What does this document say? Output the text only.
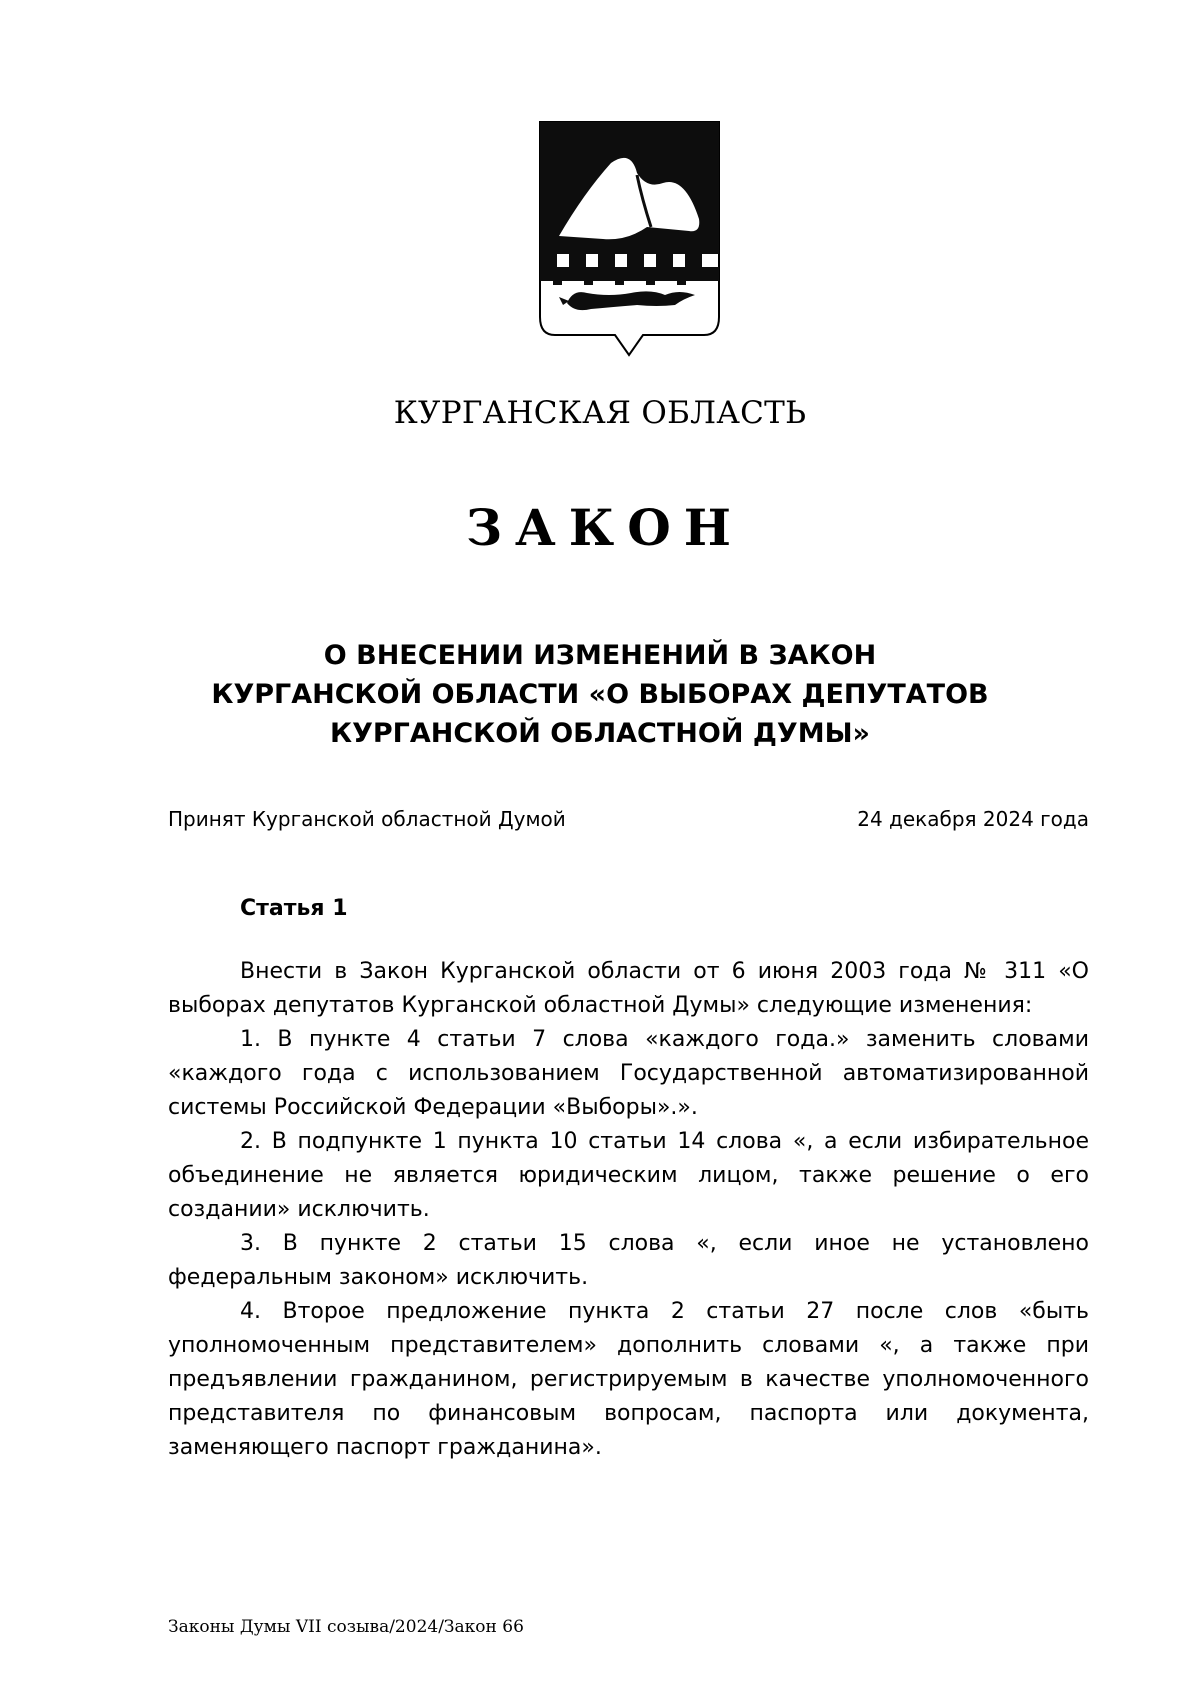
КУРГАНСКАЯ ОБЛАСТЬ
ЗАКОН
О ВНЕСЕНИИ ИЗМЕНЕНИЙ В ЗАКОН
КУРГАНСКОЙ ОБЛАСТИ «О ВЫБОРАХ ДЕПУТАТОВ
КУРГАНСКОЙ ОБЛАСТНОЙ ДУМЫ»
Принят Курганской областной Думой	24 декабря 2024 года
Статья 1

Внести в Закон Курганской области от 6 июня 2003 года № 311 «О выборах депутатов Курганской областной Думы» следующие изменения:

1. В пункте 4 статьи 7 слова «каждого года.» заменить словами «каждого года с использованием Государственной автоматизированной системы Российской Федерации «Выборы».».

2. В подпункте 1 пункта 10 статьи 14 слова «, а если избирательное объединение не является юридическим лицом, также решение о его создании» исключить.

3. В пункте 2 статьи 15 слова «, если иное не установлено федеральным законом» исключить.

4. Второе предложение пункта 2 статьи 27 после слов «быть уполномоченным представителем» дополнить словами «, а также при предъявлении гражданином, регистрируемым в качестве уполномоченного представителя по финансовым вопросам, паспорта или документа, заменяющего паспорт гражданина».

Законы Думы VII созыва/2024/Закон 66
